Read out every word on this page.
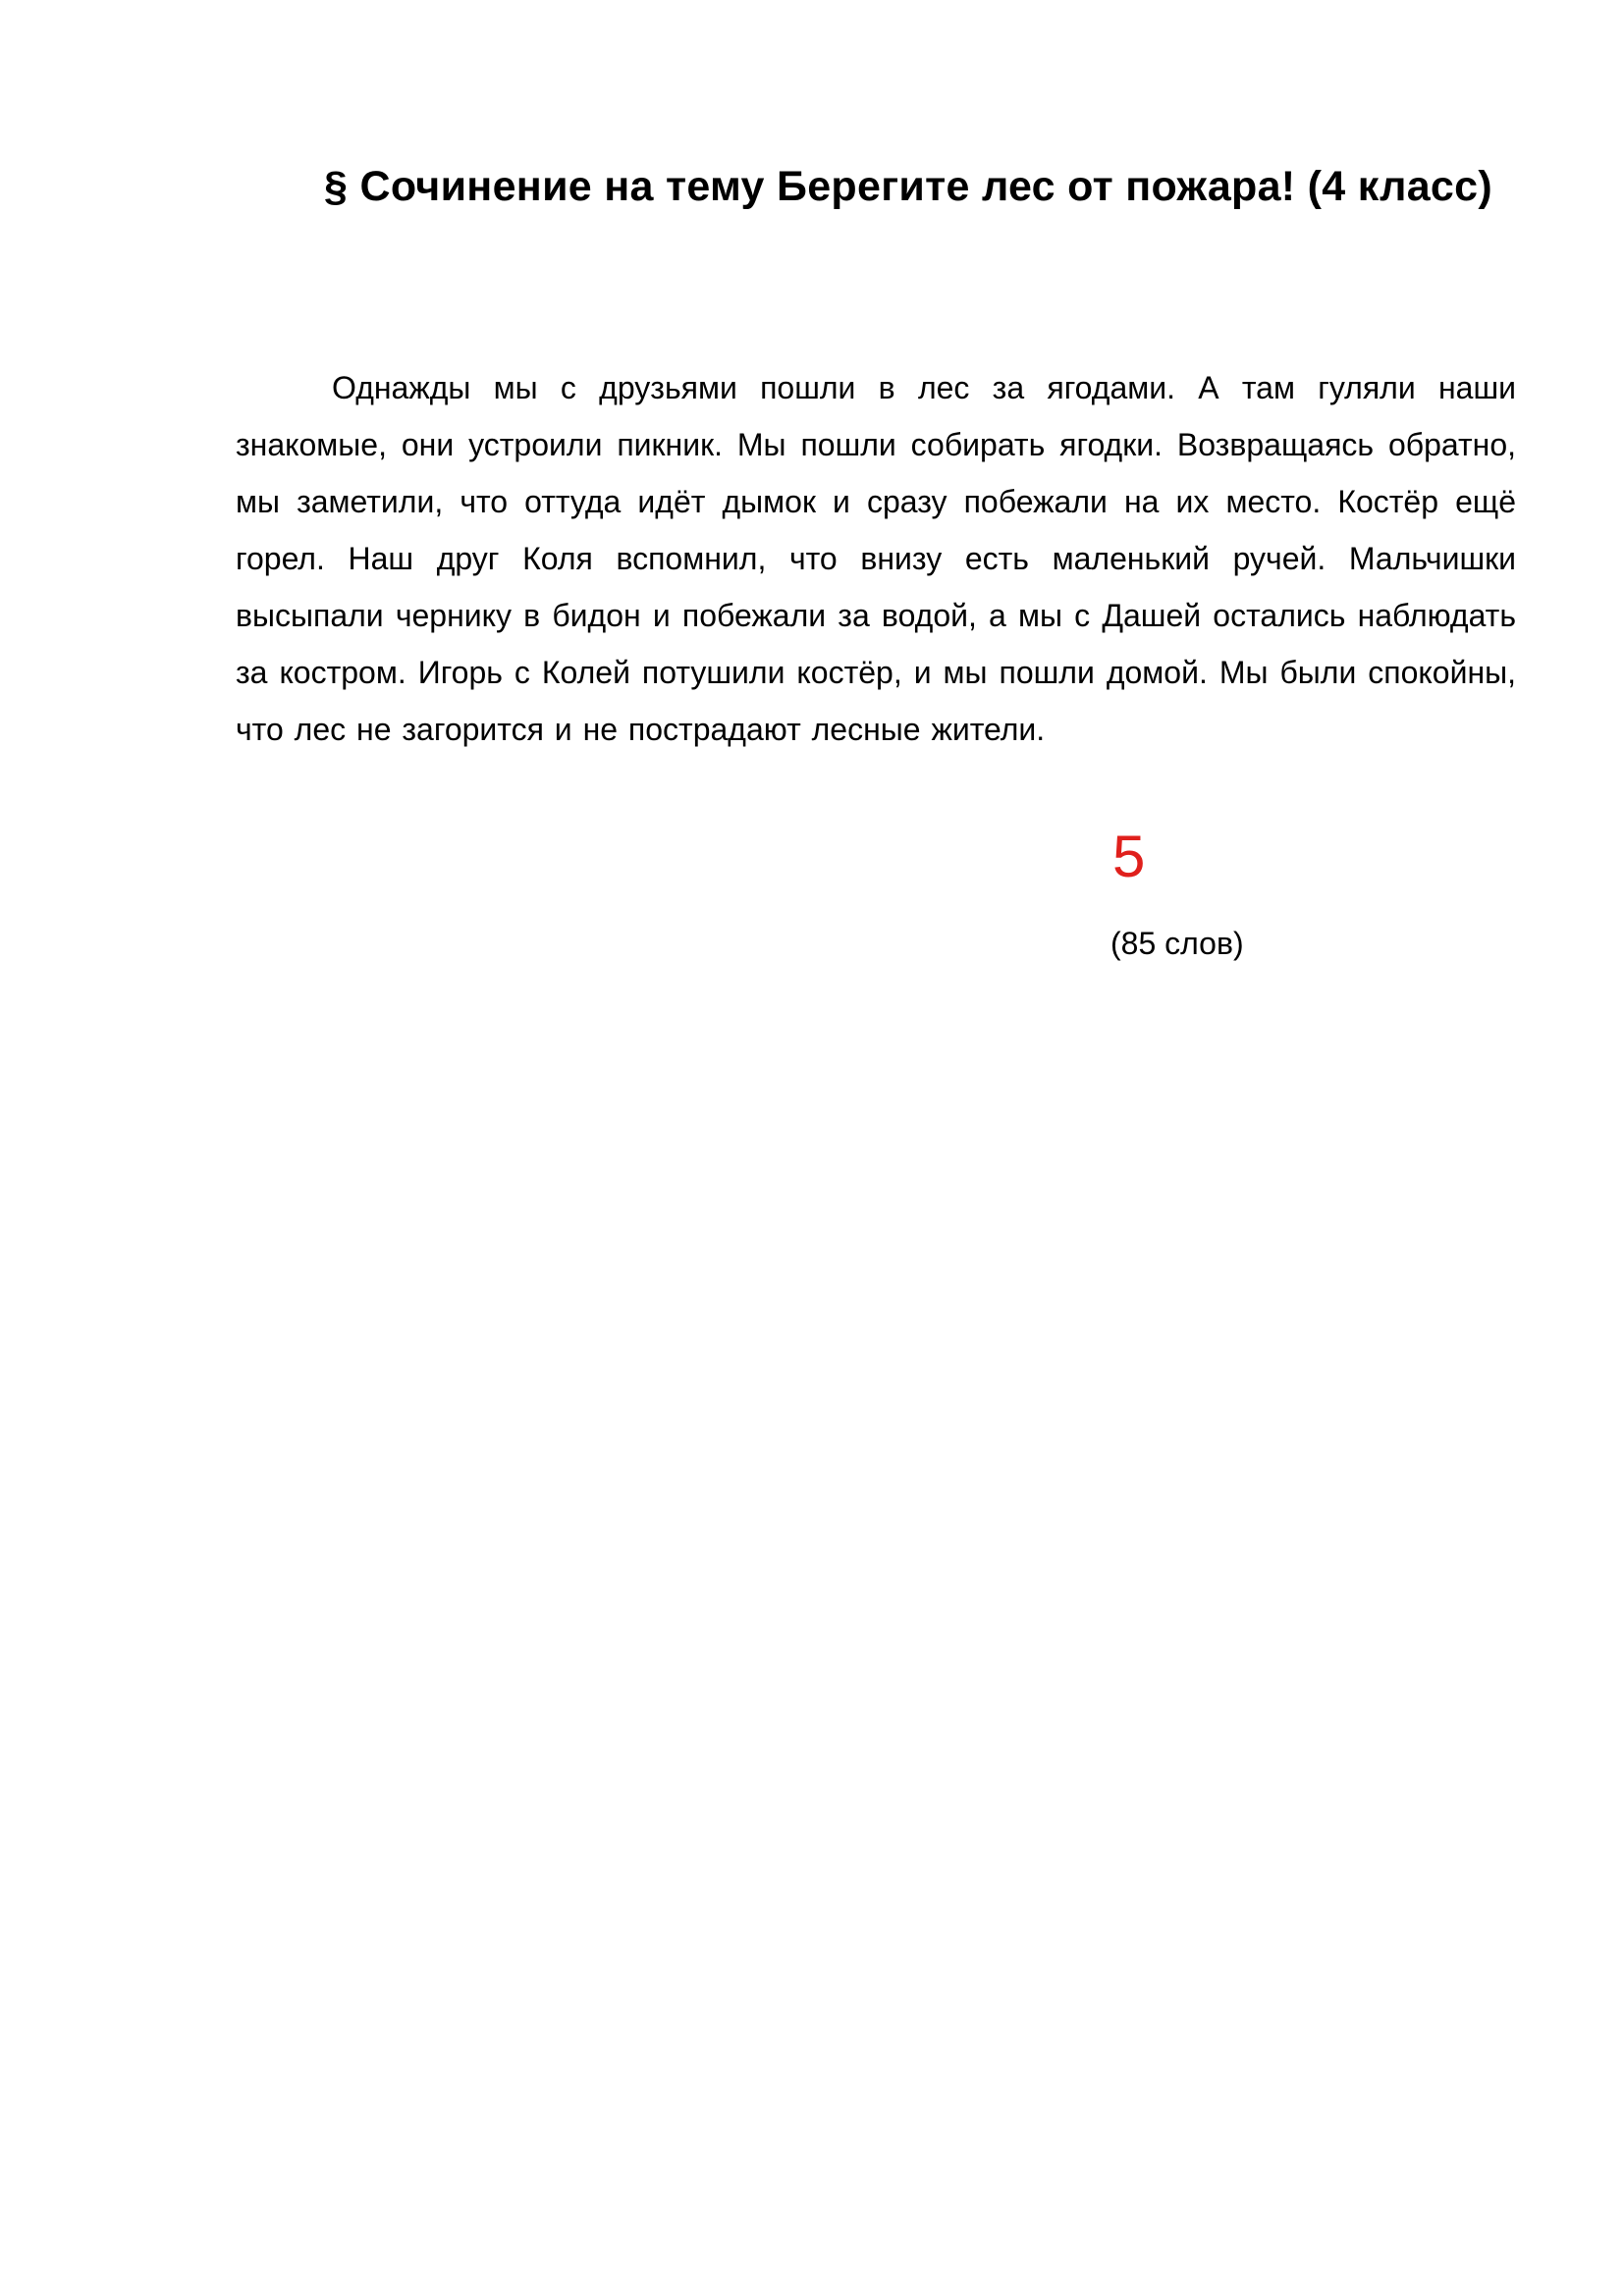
§ Сочинение на тему Берегите лес от пожара! (4 класс)

Однажды мы с друзьями пошли в лес за ягодами. А там гуляли наши знакомые, они устроили пикник. Мы пошли собирать ягодки. Возвращаясь обратно, мы заметили, что оттуда идёт дымок и сразу побежали на их место. Костёр ещё горел. Наш друг Коля вспомнил, что внизу есть маленький ручей. Мальчишки высыпали чернику в бидон и побежали за водой, а мы с Дашей остались наблюдать за костром. Игорь с Колей потушили костёр, и мы пошли домой. Мы были спокойны, что лес не загорится и не пострадают лесные жители.

5
(85 слов)
